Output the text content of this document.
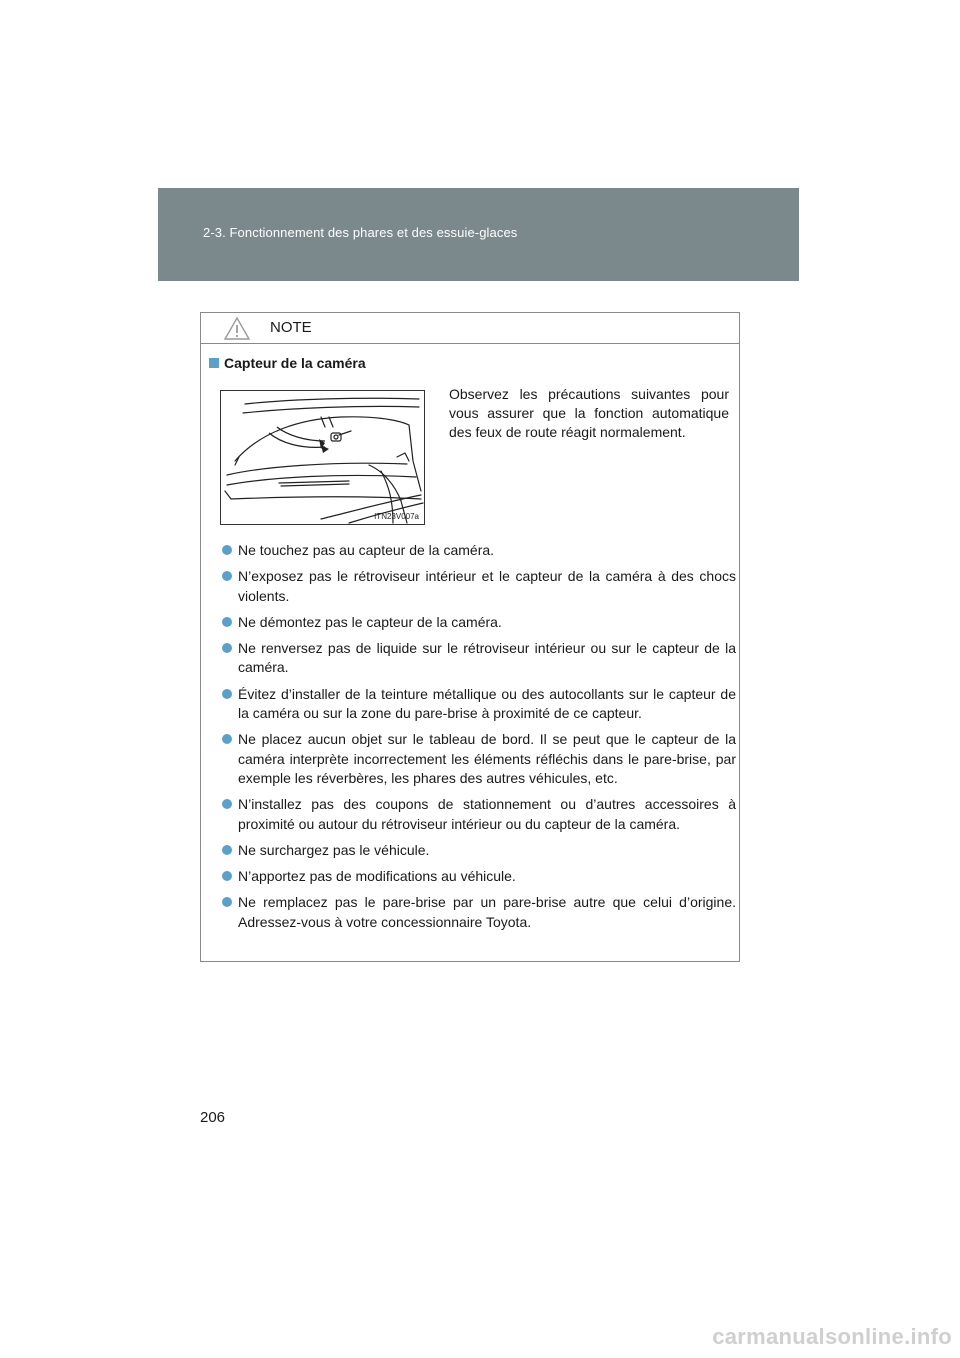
2-3. Fonctionnement des phares et des essuie-glaces
NOTE
Capteur de la caméra
ITN23V007a
Observez les précautions suivantes pour vous assurer que la fonction automatique des feux de route réagit normalement.
Ne touchez pas au capteur de la caméra.
N’exposez pas le rétroviseur intérieur et le capteur de la caméra à des chocs violents.
Ne démontez pas le capteur de la caméra.
Ne renversez pas de liquide sur le rétroviseur intérieur ou sur le capteur de la caméra.
Évitez d’installer de la teinture métallique ou des autocollants sur le capteur de la caméra ou sur la zone du pare-brise à proximité de ce capteur.
Ne placez aucun objet sur le tableau de bord. Il se peut que le capteur de la caméra interprète incorrectement les éléments réfléchis dans le pare-brise, par exemple les réverbères, les phares des autres véhicules, etc.
N’installez pas des coupons de stationnement ou d’autres accessoires à proximité ou autour du rétroviseur intérieur ou du capteur de la caméra.
Ne surchargez pas le véhicule.
N’apportez pas de modifications au véhicule.
Ne remplacez pas le pare-brise par un pare-brise autre que celui d’origine. Adressez-vous à votre concessionnaire Toyota.
206
carmanualsonline.info
